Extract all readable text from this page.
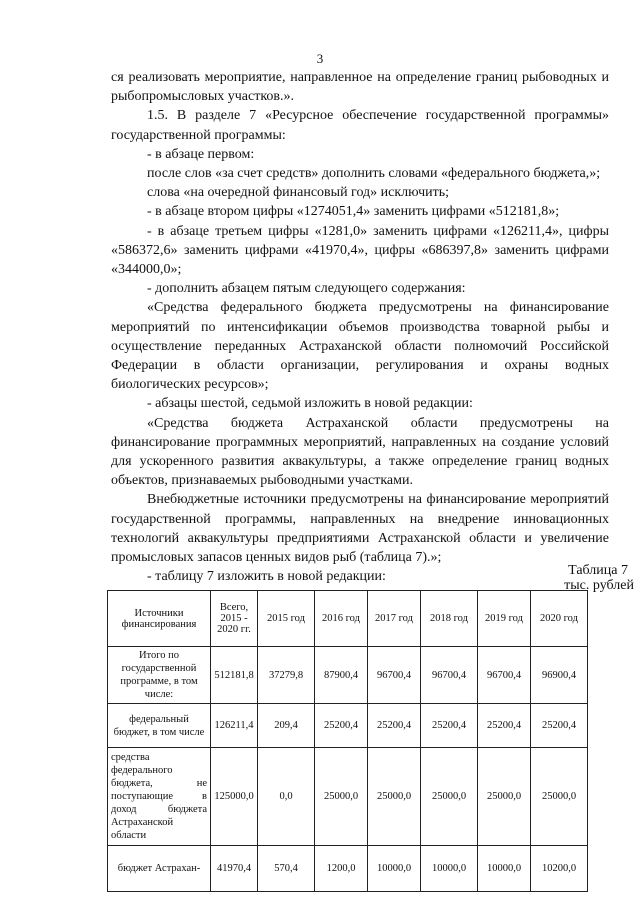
3

ся реализовать мероприятие, направленное на определение границ рыбоводных и рыбопромысловых участков.».

1.5. В разделе 7 «Ресурсное обеспечение государственной программы» государственной программы:

- в абзаце первом:

после слов «за счет средств» дополнить словами «федерального бюджета,»;

слова «на очередной финансовый год» исключить;

- в абзаце втором цифры «1274051,4» заменить цифрами «512181,8»;

- в абзаце третьем цифры «1281,0» заменить цифрами «126211,4», цифры «586372,6» заменить цифрами «41970,4», цифры «686397,8» заменить цифрами «344000,0»;

- дополнить абзацем пятым следующего содержания:

«Средства федерального бюджета предусмотрены на финансирование мероприятий по интенсификации объемов производства товарной рыбы и осуществление переданных Астраханской области полномочий Российской Федерации в области организации, регулирования и охраны водных биологических ресурсов»;

- абзацы шестой, седьмой изложить в новой редакции:

«Средства бюджета Астраханской области предусмотрены на финансирование программных мероприятий, направленных на создание условий для ускоренного развития аквакультуры, а также определение границ водных объектов, признаваемых рыбоводными участками.

Внебюджетные источники предусмотрены на финансирование мероприятий государственной программы, направленных на внедрение инновационных технологий аквакультуры предприятиями Астраханской области и увеличение промысловых запасов ценных видов рыб (таблица 7).»;

- таблицу 7 изложить в новой редакции:	Таблица 7
тыс. рублей
Источники финансирования	Всего, 2015 - 2020 гг.	2015 год	2016 год	2017 год	2018 год	2019 год	2020 год
Итого по государственной программе, в том числе:	512181,8	37279,8	87900,4	96700,4	96700,4	96700,4	96900,4
федеральный бюджет, в том числе	126211,4	209,4	25200,4	25200,4	25200,4	25200,4	25200,4
средства федерального бюджета, не поступающие в доход бюджета Астраханской области	125000,0	0,0	25000,0	25000,0	25000,0	25000,0	25000,0
бюджет Астрахан-	41970,4	570,4	1200,0	10000,0	10000,0	10000,0	10200,0
